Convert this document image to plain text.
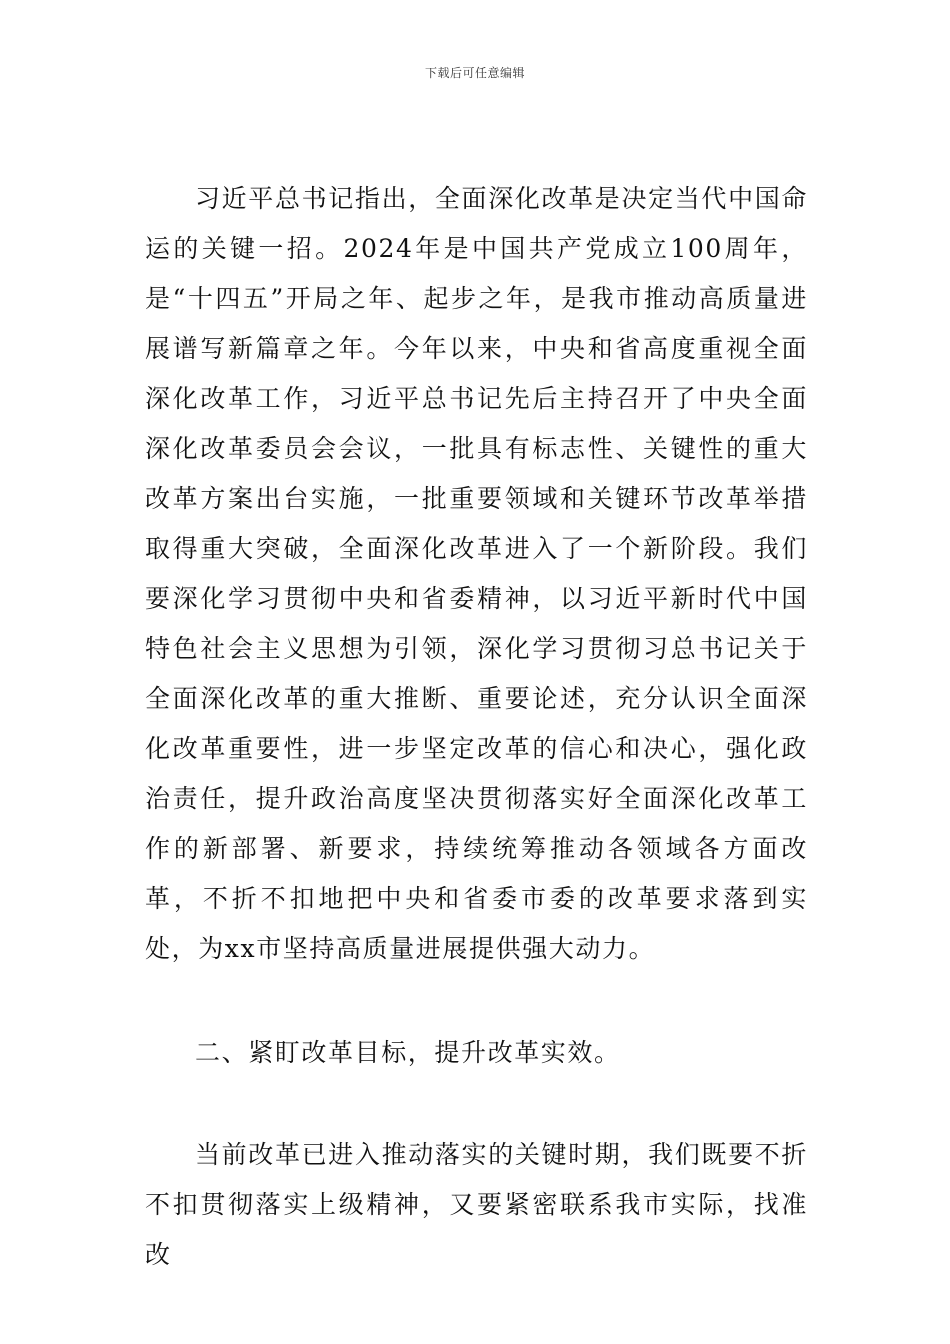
下载后可任意编辑

习近平总书记指出，全面深化改革是决定当代中国命运的关键一招。2024年是中国共产党成立100周年，是“十四五”开局之年、起步之年，是我市推动高质量进展谱写新篇章之年。今年以来，中央和省高度重视全面深化改革工作，习近平总书记先后主持召开了中央全面深化改革委员会会议，一批具有标志性、关键性的重大改革方案出台实施，一批重要领域和关键环节改革举措取得重大突破，全面深化改革进入了一个新阶段。我们要深化学习贯彻中央和省委精神，以习近平新时代中国特色社会主义思想为引领，深化学习贯彻习总书记关于全面深化改革的重大推断、重要论述，充分认识全面深化改革重要性，进一步坚定改革的信心和决心，强化政治责任，提升政治高度坚决贯彻落实好全面深化改革工作的新部署、新要求，持续统筹推动各领域各方面改革，不折不扣地把中央和省委市委的改革要求落到实处，为xx市坚持高质量进展提供强大动力。

二、紧盯改革目标，提升改革实效。

当前改革已进入推动落实的关键时期，我们既要不折不扣贯彻落实上级精神，又要紧密联系我市实际，找准改
